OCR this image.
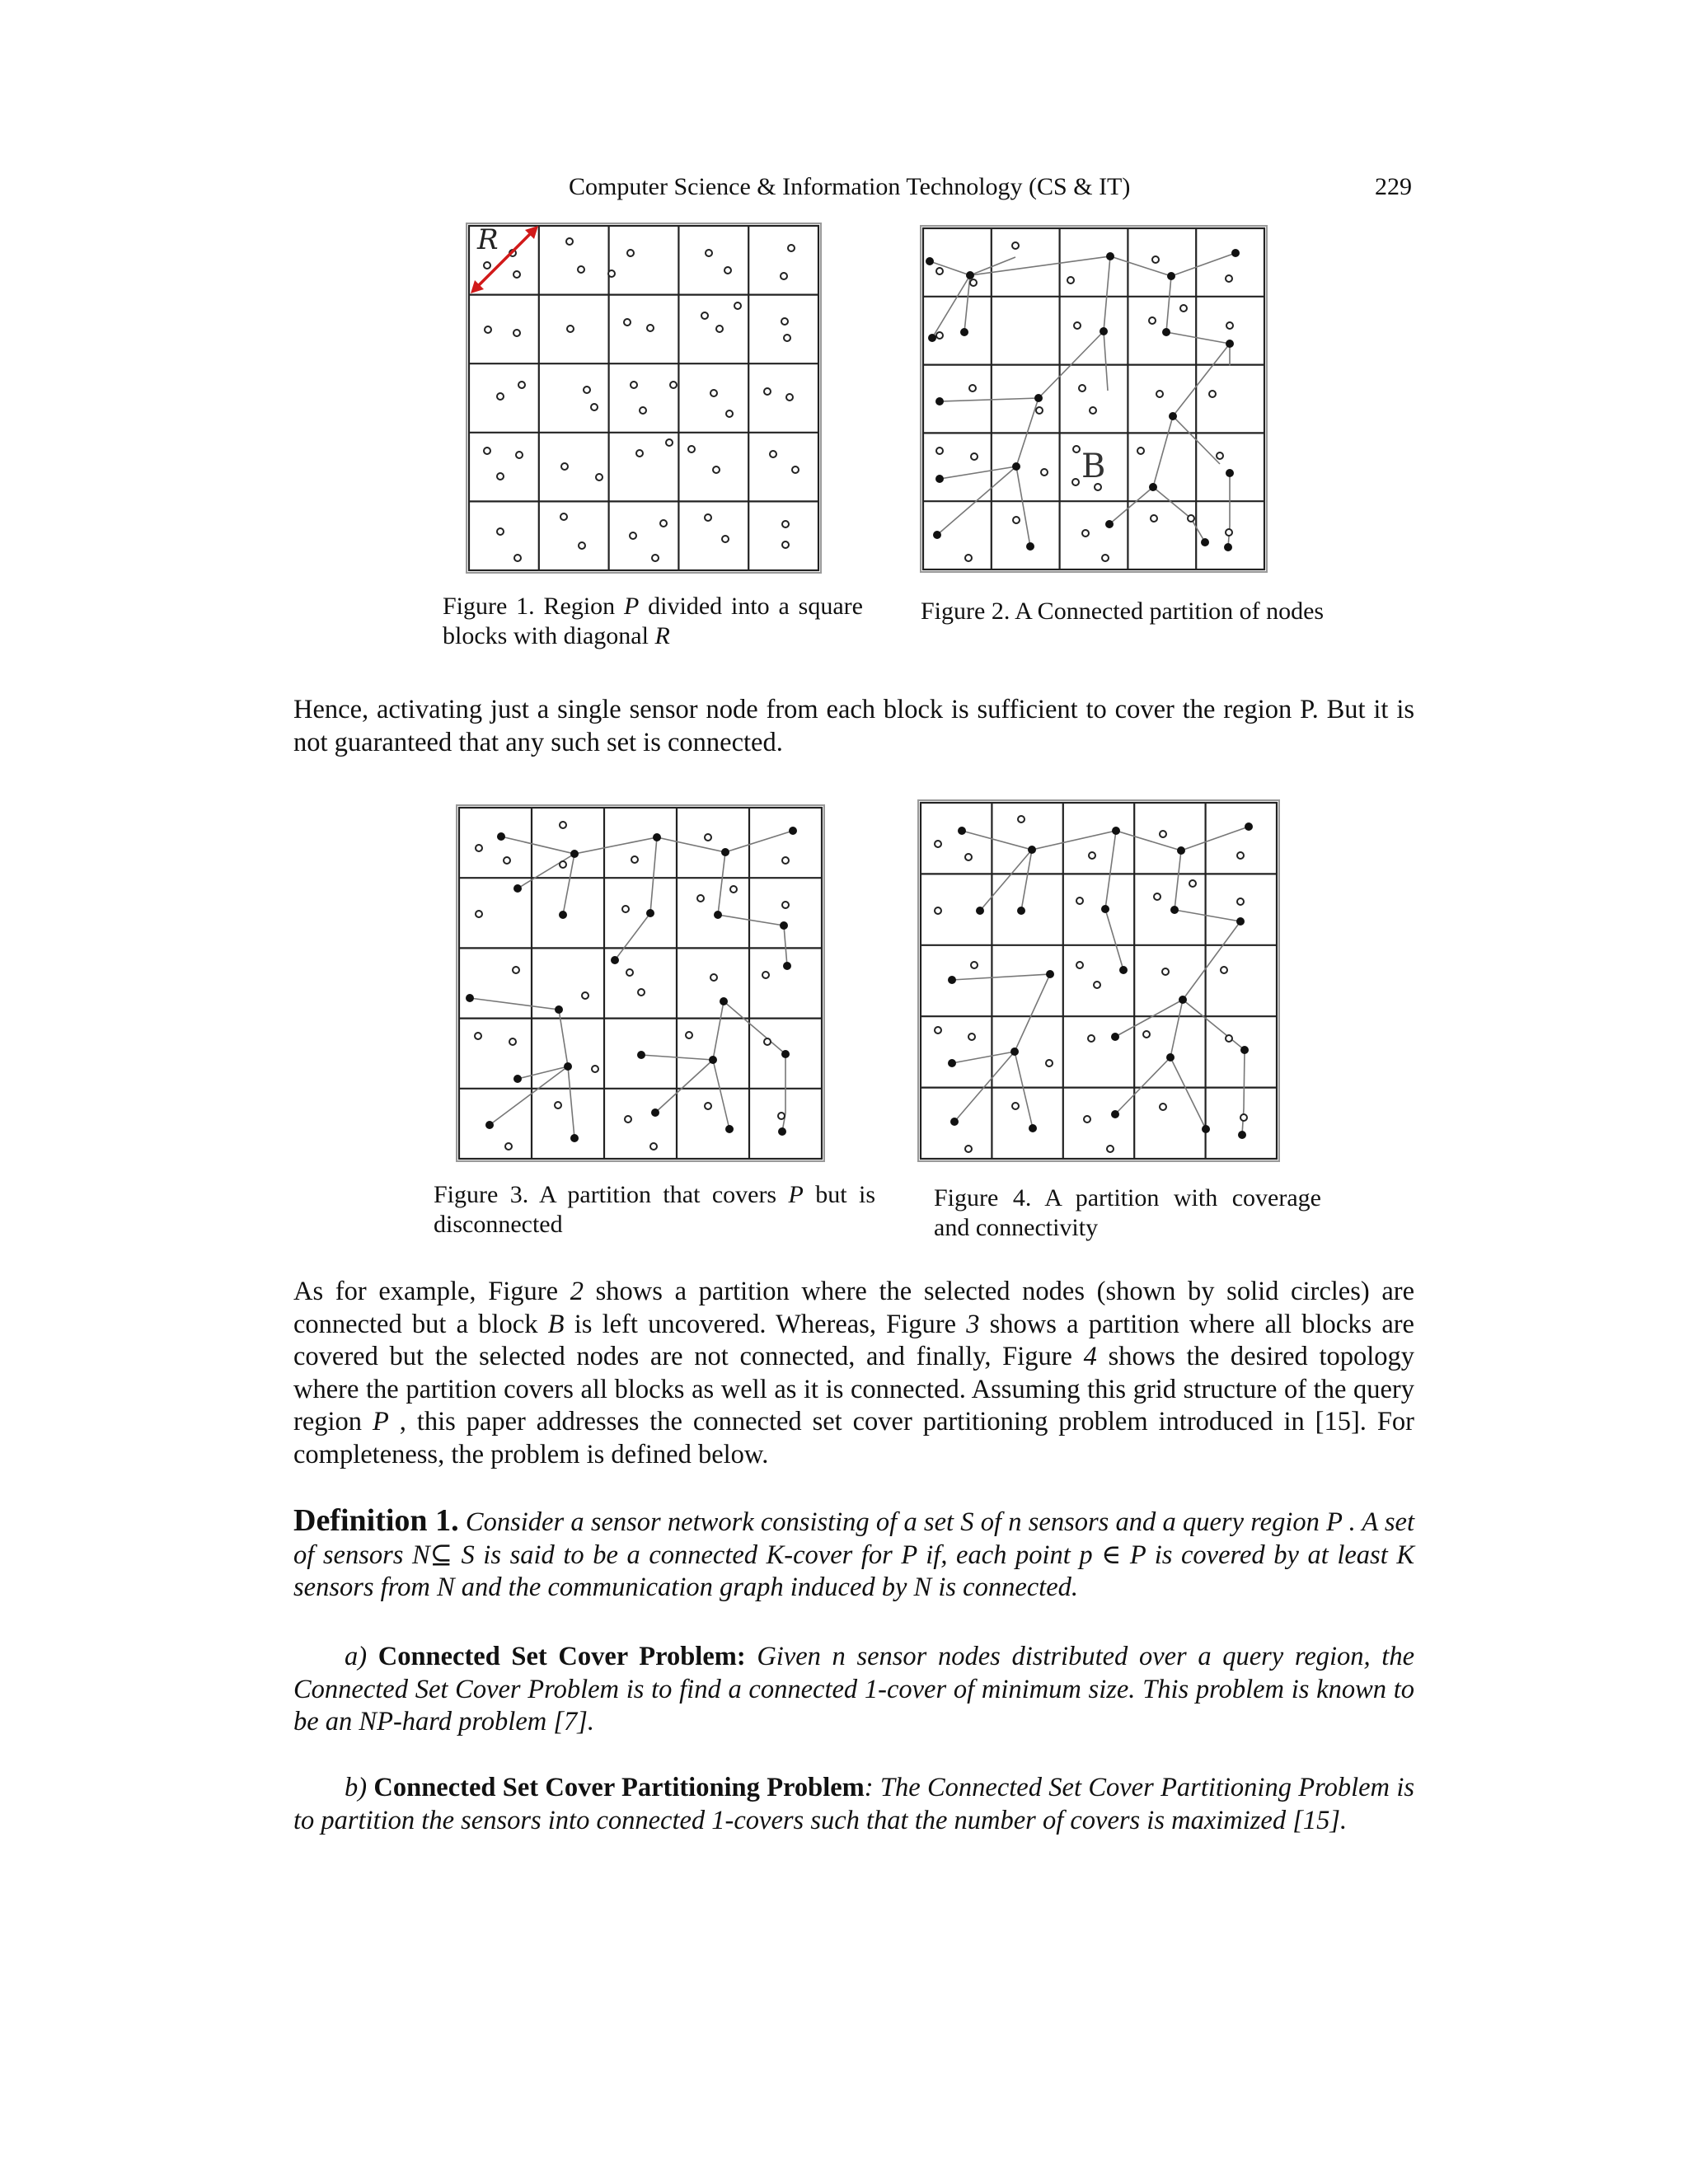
Computer Science & Information Technology (CS & IT)	229
R
Figure 1. Region P divided into a square blocks with diagonal R
B
Figure 2. A Connected partition of nodes
Hence, activating just a single sensor node from each block is sufficient to cover the region P. But it is not guaranteed that any such set is connected.
Figure 3. A partition that covers P but is disconnected
Figure 4. A partition with coverage and connectivity
As for example, Figure 2 shows a partition where the selected nodes (shown by solid circles) are connected but a block B is left uncovered. Whereas, Figure 3 shows a partition where all blocks are covered but the selected nodes are not connected, and finally, Figure 4 shows the desired topology where the partition covers all blocks as well as it is connected. Assuming this grid structure of the query region P , this paper addresses the connected set cover partitioning problem introduced in [15]. For completeness, the problem is defined below.
Definition 1. Consider a sensor network consisting of a set S of n sensors and a query region P . A set of sensors N⊆ S is said to be a connected K-cover for P if, each point p ∈ P is covered by at least K sensors from N and the communication graph induced by N is connected.
a) Connected Set Cover Problem: Given n sensor nodes distributed over a query region, the Connected Set Cover Problem is to find a connected 1-cover of minimum size. This problem is known to be an NP-hard problem [7].
b) Connected Set Cover Partitioning Problem: The Connected Set Cover Partitioning Problem is to partition the sensors into connected 1-covers such that the number of covers is maximized [15].
